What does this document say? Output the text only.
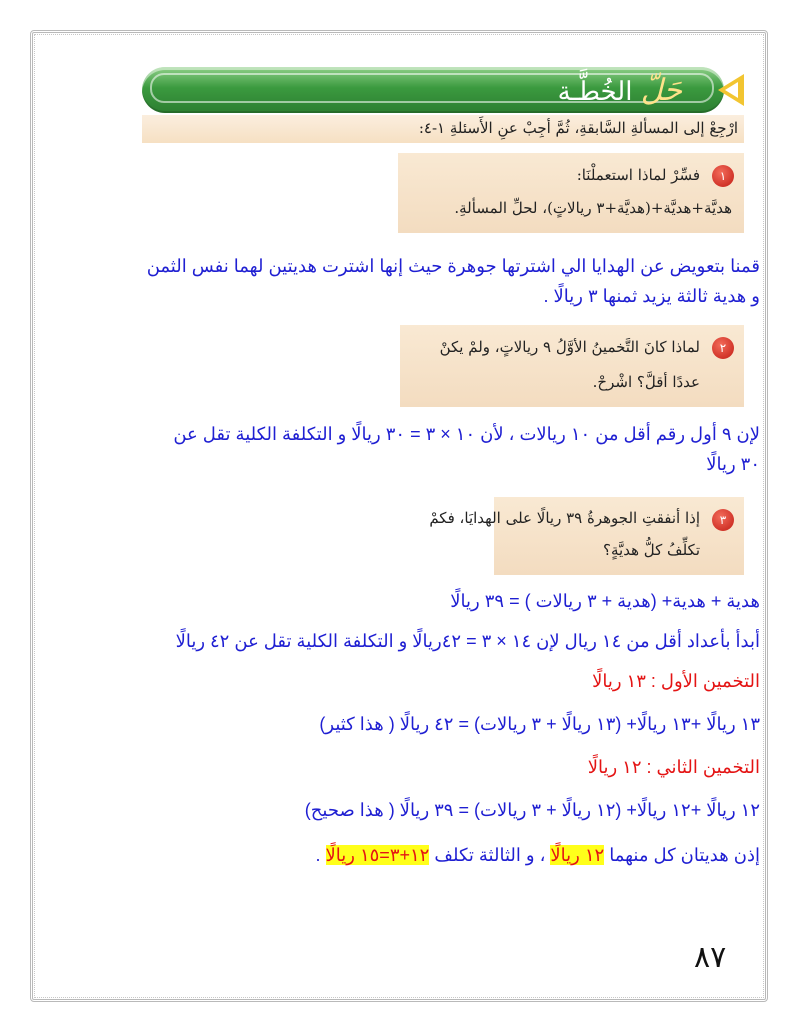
حَلّ الخُطَّـة
ارْجِعْ إلى المسألةِ السَّابقةِ، ثُمَّ أجِبْ عنِ الأَسئلةِ ١-٤:
١
فسِّرْ لماذا استعملْنَا:
هديَّة+هديَّة+(هديَّة+٣ ريالاتٍ)، لحلِّ المسألةِ.
قمنا بتعويض عن الهدايا الي اشترتها جوهرة حيث إنها اشترت هديتين لهما نفس الثمن
و هدية ثالثة يزيد ثمنها ٣ ريالًا .
٢
لماذا كانَ التَّخمينُ الأوَّلُ ٩ ريالاتٍ، ولمْ يكنْ
عددًا أقلَّ؟ اشْرحْ.
لإن ٩ أول رقم أقل من ١٠ ريالات ، لأن ١٠ × ٣ = ٣٠ ريالًا و التكلفة الكلية تقل عن
٣٠ ريالًا
٣
إذا أنفقتِ الجوهرةُ ٣٩ ريالًا على الهدايَا، فكمْ
تكلِّفُ كلُّ هديَّةٍ؟
هدية + هدية+ (هدية + ٣ ريالات ) = ٣٩ ريالًا
أبدأ بأعداد أقل من ١٤ ريال لإن ١٤ × ٣ = ٤٢ريالًا و التكلفة الكلية تقل عن ٤٢ ريالًا
التخمين الأول : ١٣ ريالًا
١٣ ريالًا +١٣ ريالًا+ (١٣ ريالًا + ٣ ريالات) = ٤٢ ريالًا ( هذا كثير)
التخمين الثاني : ١٢ ريالًا
١٢ ريالًا +١٢ ريالًا+ (١٢ ريالًا + ٣ ريالات) = ٣٩ ريالًا ( هذا صحيح)
إذن هديتان كل منهما ١٢ ريالًا ، و الثالثة تكلف ١٢+٣=١٥ ريالًا .
٨٧
